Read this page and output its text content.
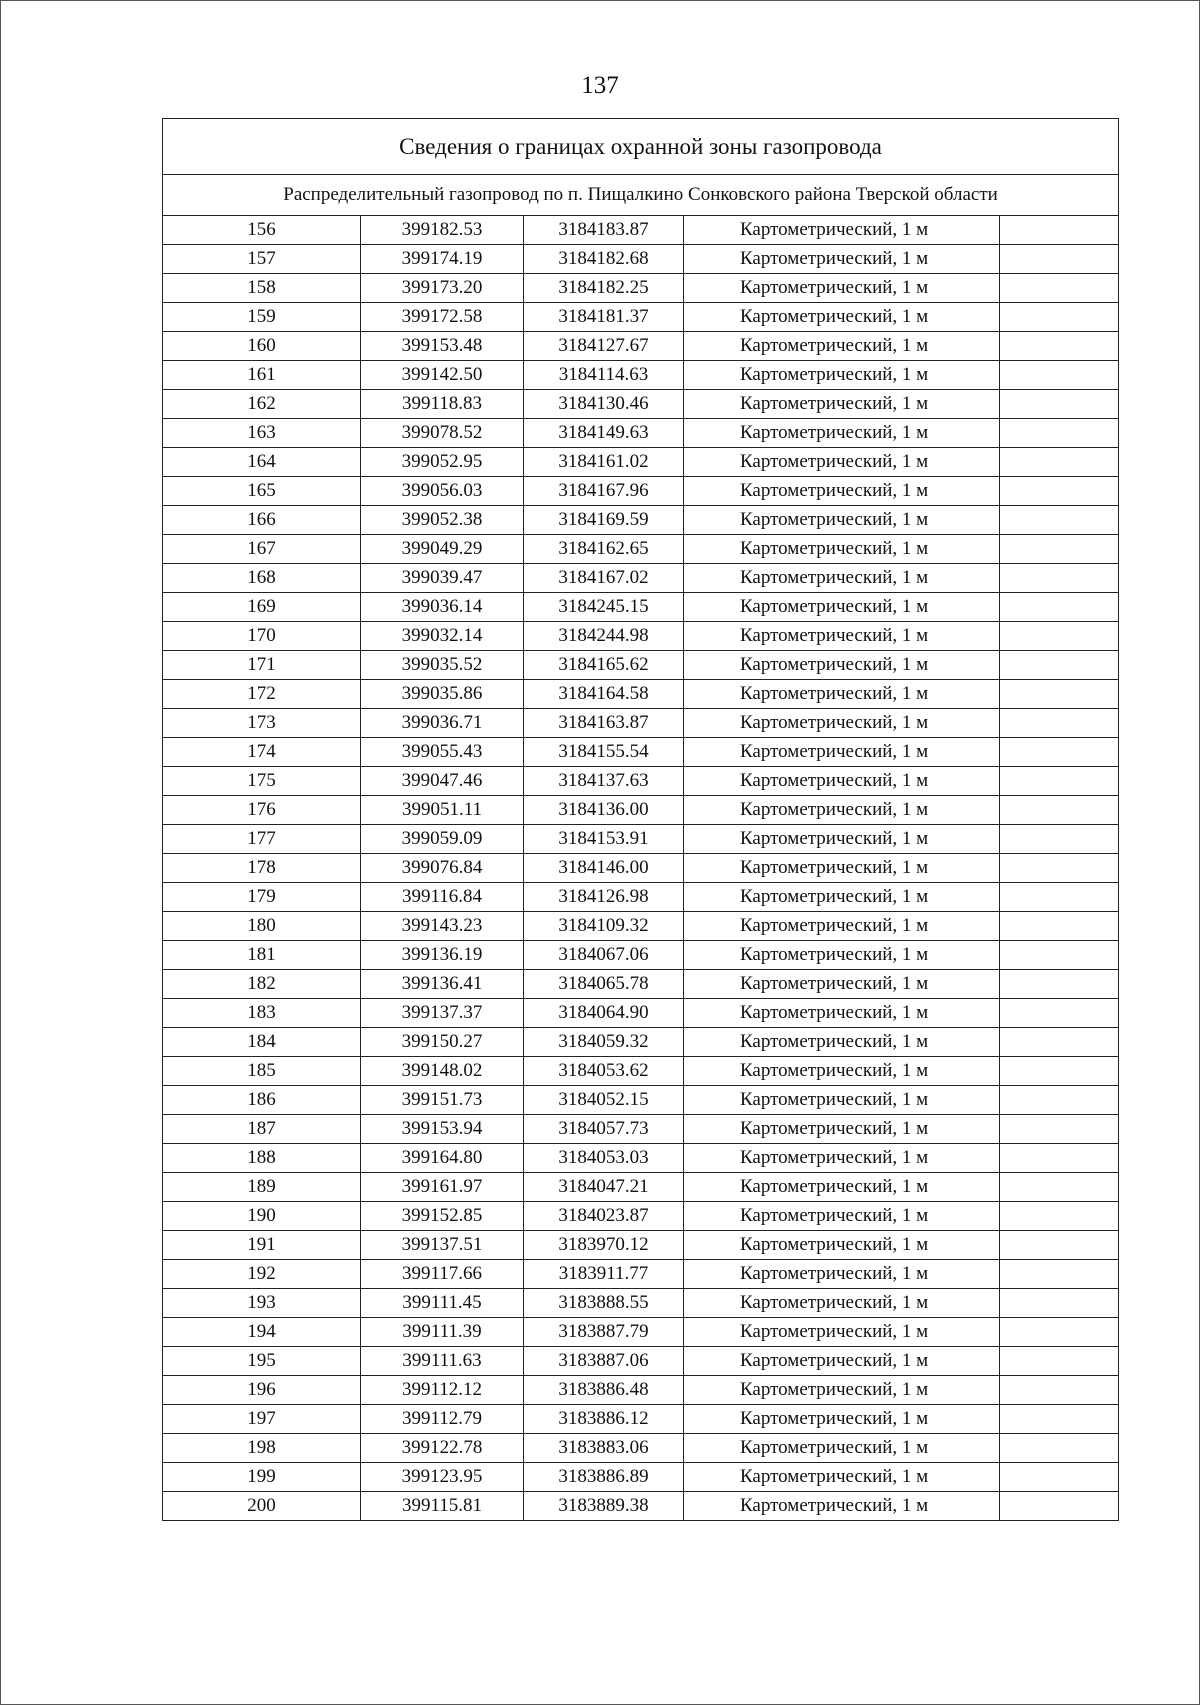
137
Сведения о границах охранной зоны газопровода				
Распределительный газопровод по п. Пищалкино Сонковского района Тверской области				
156	399182.53	3184183.87	Картометрический, 1 м	
157	399174.19	3184182.68	Картометрический, 1 м	
158	399173.20	3184182.25	Картометрический, 1 м	
159	399172.58	3184181.37	Картометрический, 1 м	
160	399153.48	3184127.67	Картометрический, 1 м	
161	399142.50	3184114.63	Картометрический, 1 м	
162	399118.83	3184130.46	Картометрический, 1 м	
163	399078.52	3184149.63	Картометрический, 1 м	
164	399052.95	3184161.02	Картометрический, 1 м	
165	399056.03	3184167.96	Картометрический, 1 м	
166	399052.38	3184169.59	Картометрический, 1 м	
167	399049.29	3184162.65	Картометрический, 1 м	
168	399039.47	3184167.02	Картометрический, 1 м	
169	399036.14	3184245.15	Картометрический, 1 м	
170	399032.14	3184244.98	Картометрический, 1 м	
171	399035.52	3184165.62	Картометрический, 1 м	
172	399035.86	3184164.58	Картометрический, 1 м	
173	399036.71	3184163.87	Картометрический, 1 м	
174	399055.43	3184155.54	Картометрический, 1 м	
175	399047.46	3184137.63	Картометрический, 1 м	
176	399051.11	3184136.00	Картометрический, 1 м	
177	399059.09	3184153.91	Картометрический, 1 м	
178	399076.84	3184146.00	Картометрический, 1 м	
179	399116.84	3184126.98	Картометрический, 1 м	
180	399143.23	3184109.32	Картометрический, 1 м	
181	399136.19	3184067.06	Картометрический, 1 м	
182	399136.41	3184065.78	Картометрический, 1 м	
183	399137.37	3184064.90	Картометрический, 1 м	
184	399150.27	3184059.32	Картометрический, 1 м	
185	399148.02	3184053.62	Картометрический, 1 м	
186	399151.73	3184052.15	Картометрический, 1 м	
187	399153.94	3184057.73	Картометрический, 1 м	
188	399164.80	3184053.03	Картометрический, 1 м	
189	399161.97	3184047.21	Картометрический, 1 м	
190	399152.85	3184023.87	Картометрический, 1 м	
191	399137.51	3183970.12	Картометрический, 1 м	
192	399117.66	3183911.77	Картометрический, 1 м	
193	399111.45	3183888.55	Картометрический, 1 м	
194	399111.39	3183887.79	Картометрический, 1 м	
195	399111.63	3183887.06	Картометрический, 1 м	
196	399112.12	3183886.48	Картометрический, 1 м	
197	399112.79	3183886.12	Картометрический, 1 м	
198	399122.78	3183883.06	Картометрический, 1 м	
199	399123.95	3183886.89	Картометрический, 1 м	
200	399115.81	3183889.38	Картометрический, 1 м	
